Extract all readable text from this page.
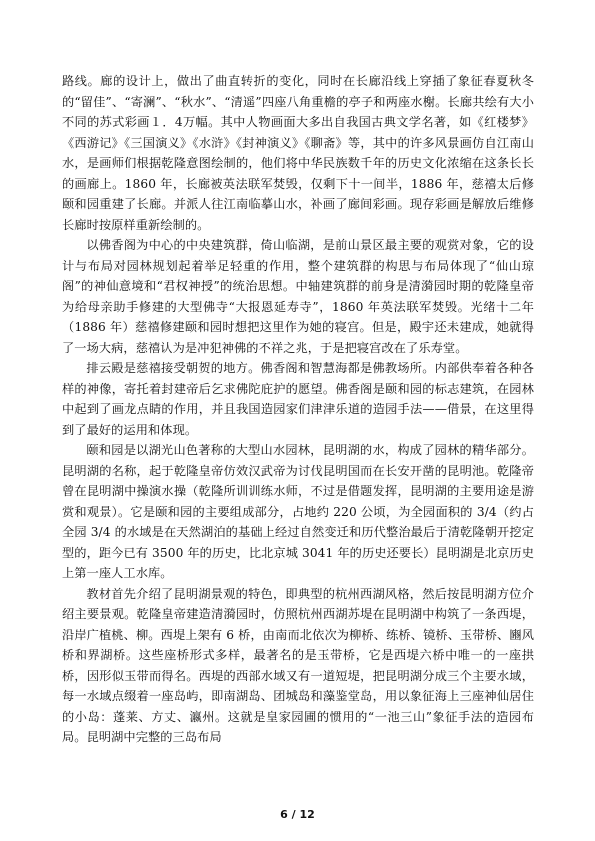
路线。廊的设计上，做出了曲直转折的变化，同时在长廊沿线上穿插了象征春夏秋冬的“留佳”、“寄澜”、“秋水”、“清遥”四座八角重檐的亭子和两座水榭。长廊共绘有大小不同的苏式彩画１．4万幅。其中人物画面大多出自我国古典文学名著，如《红楼梦》《西游记》《三国演义》《水浒》《封神演义》《聊斋》等，其中的许多风景画仿自江南山水，是画师们根据乾隆意图绘制的，他们将中华民族数千年的历史文化浓缩在这条长长的画廊上。1860 年，长廊被英法联军焚毁，仅剩下十一间半，1886 年，慈禧太后修颐和园重建了长廊。并派人往江南临摹山水，补画了廊间彩画。现存彩画是解放后维修长廊时按原样重新绘制的。

以佛香阁为中心的中央建筑群，倚山临湖，是前山景区最主要的观赏对象，它的设计与布局对园林规划起着举足轻重的作用，整个建筑群的构思与布局体现了“仙山琼阁”的神仙意境和“君权神授”的统治思想。中轴建筑群的前身是清漪园时期的乾隆皇帝为给母亲助手修建的大型佛寺“大报恩延寿寺”，1860 年英法联军焚毁。光绪十二年（1886 年）慈禧修建颐和园时想把这里作为她的寝宫。但是，殿宇还未建成，她就得了一场大病，慈禧认为是冲犯神佛的不祥之兆，于是把寝宫改在了乐寿堂。

排云殿是慈禧接受朝贺的地方。佛香阁和智慧海都是佛教场所。内部供奉着各种各样的神像，寄托着封建帝后乞求佛陀庇护的愿望。佛香阁是颐和园的标志建筑，在园林中起到了画龙点睛的作用，并且我国造园家们津津乐道的造园手法——借景，在这里得到了最好的运用和体现。

颐和园是以湖光山色著称的大型山水园林，昆明湖的水，构成了园林的精华部分。昆明湖的名称，起于乾隆皇帝仿效汉武帝为讨伐昆明国而在长安开凿的昆明池。乾隆帝曾在昆明湖中操演水操（乾隆所训训练水师，不过是借题发挥，昆明湖的主要用途是游赏和观景）。它是颐和园的主要组成部分，占地约 220 公顷，为全园面积的 3/4（约占全园 3/4 的水域是在天然湖泊的基础上经过自然变迁和历代整治最后于清乾隆朝开挖定型的，距今已有 3500 年的历史，比北京城 3041 年的历史还要长）昆明湖是北京历史上第一座人工水库。

教材首先介绍了昆明湖景观的特色，即典型的杭州西湖风格，然后按昆明湖方位介绍主要景观。乾隆皇帝建造清漪园时，仿照杭州西湖苏堤在昆明湖中构筑了一条西堤，沿岸广植桃、柳。西堤上架有 6 桥，由南而北依次为柳桥、练桥、镜桥、玉带桥、豳风桥和界湖桥。这些座桥形式多样，最著名的是玉带桥，它是西堤六桥中唯一的一座拱桥，因形似玉带而得名。西堤的西部水域又有一道短堤，把昆明湖分成三个主要水域，每一水域点缀着一座岛屿，即南湖岛、团城岛和藻鉴堂岛，用以象征海上三座神仙居住的小岛：蓬莱、方丈、瀛州。这就是皇家园圃的惯用的“一池三山”象征手法的造园布局。昆明湖中完整的三岛布局

6 / 12
